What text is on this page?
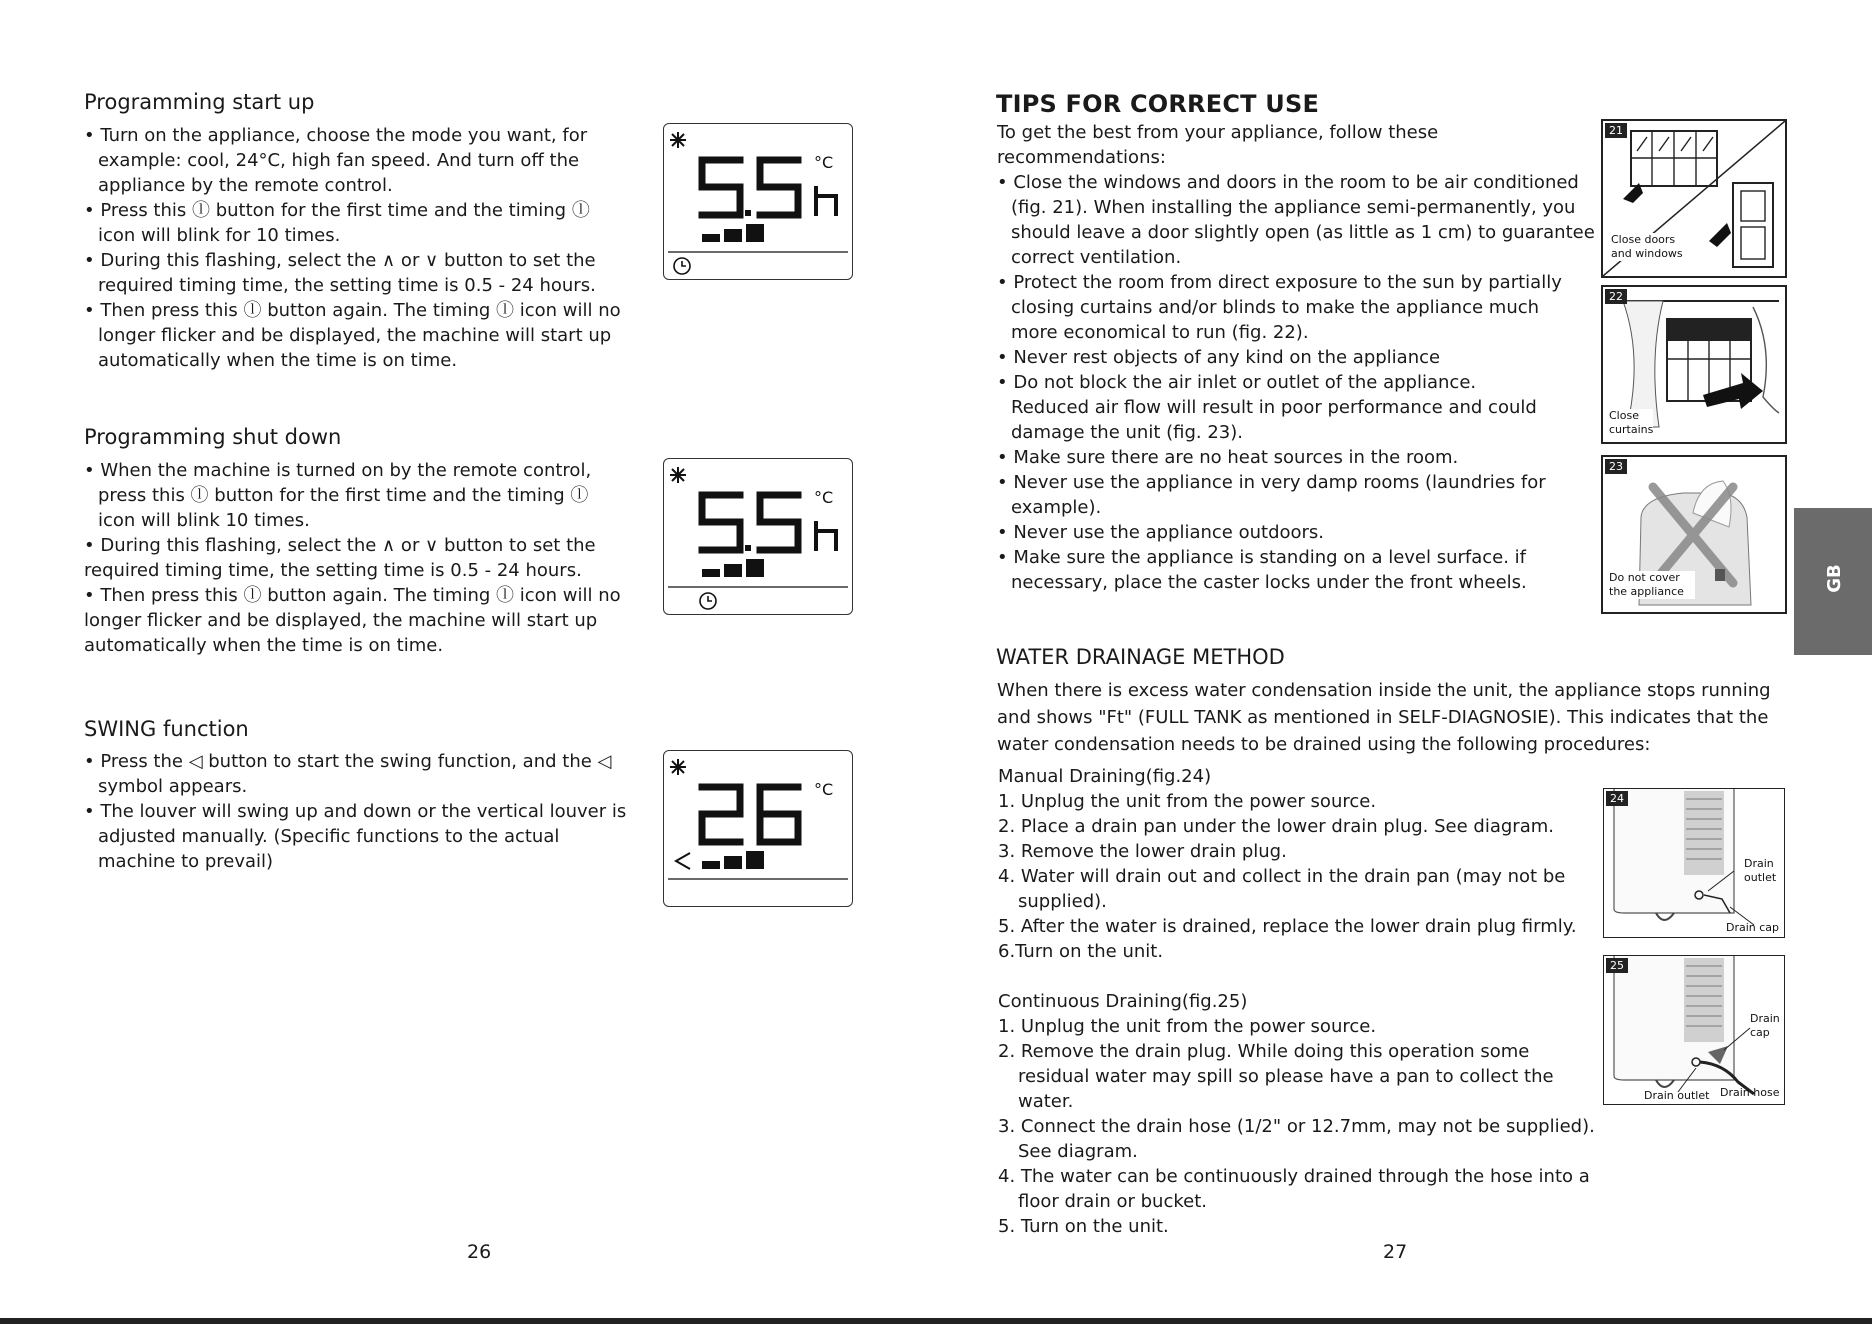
Programming start up
• Turn on the appliance, choose the mode you want, for
example: cool, 24°C, high fan speed. And turn off the
appliance by the remote control.
• Press this ⓛ button for the first time and the timing ⓛ
icon will blink for 10 times.
• During this flashing, select the ∧ or ∨ button to set the
required timing time, the setting time is 0.5 - 24 hours.
• Then press this ⓛ button again. The timing ⓛ icon will no
longer flicker and be displayed, the machine will start up
automatically when the time is on time.
°C
Programming shut down
• When the machine is turned on by the remote control,
press this ⓛ button for the first time and the timing ⓛ
icon will blink 10 times.
• During this flashing, select the ∧ or ∨ button to set the
required timing time, the setting time is 0.5 - 24 hours.
• Then press this ⓛ button again. The timing ⓛ icon will no
longer flicker and be displayed, the machine will start up
automatically when the time is on time.
°C
SWING function
• Press the ◁ button to start the swing function, and the ◁
symbol appears.
• The louver will swing up and down or the vertical louver is
adjusted manually. (Specific functions to the actual
machine to prevail)
°C
26
TIPS FOR CORRECT USE
To get the best from your appliance, follow these
recommendations:
• Close the windows and doors in the room to be air conditioned
(fig. 21). When installing the appliance semi-permanently, you
should leave a door slightly open (as little as 1 cm) to guarantee
correct ventilation.
• Protect the room from direct exposure to the sun by partially
closing curtains and/or blinds to make the appliance much
more economical to run (fig. 22).
• Never rest objects of any kind on the appliance
• Do not block the air inlet or outlet of the appliance.
Reduced air flow will result in poor performance and could
damage the unit (fig. 23).
• Make sure there are no heat sources in the room.
• Never use the appliance in very damp rooms (laundries for
example).
• Never use the appliance outdoors.
• Make sure the appliance is standing on a level surface. if
necessary, place the caster locks under the front wheels.
21
Close doors and windows
22
Close curtains
23
Do not cover the appliance	GB
WATER DRAINAGE METHOD
When there is excess water condensation inside the unit, the appliance stops running
and shows "Ft" (FULL TANK as mentioned in SELF-DIAGNOSIE). This indicates that the
water condensation needs to be drained using the following procedures:
Manual Draining(fig.24)
1. Unplug the unit from the power source.
2. Place a drain pan under the lower drain plug. See diagram.
3. Remove the lower drain plug.
4. Water will drain out and collect in the drain pan (may not be
supplied).
5. After the water is drained, replace the lower drain plug firmly.
6.Turn on the unit.
Continuous Draining(fig.25)
1. Unplug the unit from the power source.
2. Remove the drain plug. While doing this operation some
residual water may spill so please have a pan to collect the
water.
3. Connect the drain hose (1/2" or 12.7mm, may not be supplied).
See diagram.
4. The water can be continuously drained through the hose into a
floor drain or bucket.
5. Turn on the unit.
24
Drain outlet
Drain cap
25
Drain cap
Drain outlet Drain hose
27
